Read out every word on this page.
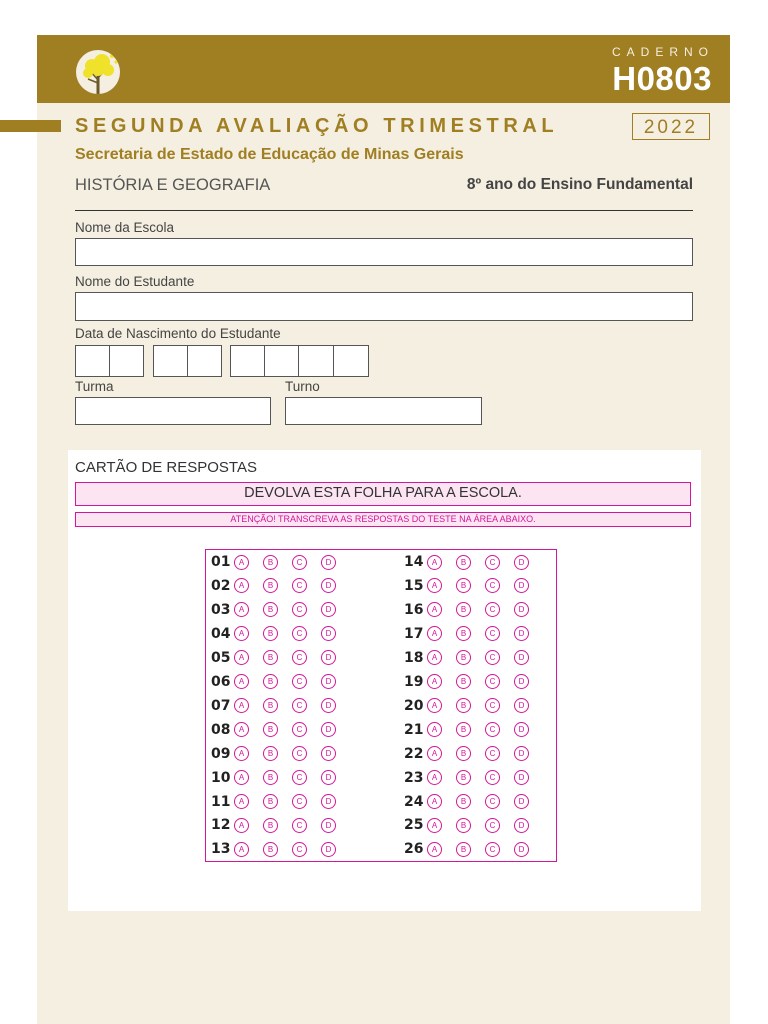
CADERNO
H0803
SEGUNDA AVALIAÇÃO TRIMESTRAL	2022
Secretaria de Estado de Educação de Minas Gerais
HISTÓRIA E GEOGRAFIA	8º ano do Ensino Fundamental
Nome da Escola
Nome do Estudante
Data de Nascimento do Estudante
Turma	Turno
CARTÃO DE RESPOSTAS
DEVOLVA ESTA FOLHA PARA A ESCOLA.
ATENÇÃO! TRANSCREVA AS RESPOSTAS DO TESTE NA ÁREA ABAIXO.
01	A	B	C	D
02	A	B	C	D
03	A	B	C	D
04	A	B	C	D
05	A	B	C	D
06	A	B	C	D
07	A	B	C	D
08	A	B	C	D
09	A	B	C	D
10	A	B	C	D
11	A	B	C	D
12	A	B	C	D
13	A	B	C	D
14	A	B	C	D
15	A	B	C	D
16	A	B	C	D
17	A	B	C	D
18	A	B	C	D
19	A	B	C	D
20	A	B	C	D
21	A	B	C	D
22	A	B	C	D
23	A	B	C	D
24	A	B	C	D
25	A	B	C	D
26	A	B	C	D
